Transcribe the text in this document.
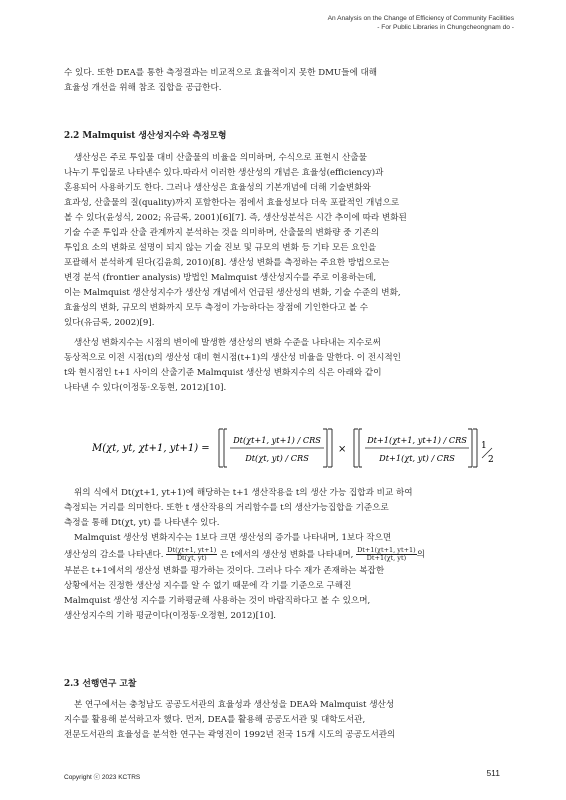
An Analysis on the Change of Efficiency of Community Facilities
- For Public Libraries in Chungcheongnam do -
수 있다. 또한 DEA를 통한 측정결과는 비교적으로 효율적이지 못한 DMU들에 대해
효율성 개선을 위해 참조 집합을 공급한다.
2.2 Malmquist 생산성지수와 측정모형
생산성은 주로 투입물 대비 산출물의 비율을 의미하며, 수식으로 표현시 산출물
나누기 투입물로 나타낸수 있다.따라서 이러한 생산성의 개념은 효율성(efficiency)과
혼용되어 사용하기도 한다. 그러나 생산성은 효율성의 기본개념에 더해 기술변화와
효과성, 산출물의 질(quality)까지 포함한다는 점에서 효율성보다 더욱 포괄적인 개념으로
볼 수 있다(윤성식, 2002; 유금록, 2001)[6][7]. 즉, 생산성분석은 시간 추이에 따라 변화된
기술 수준 투입과 산출 관계까지 분석하는 것을 의미하며, 산출물의 변화량 중 기존의
투입요 소의 변화로 설명이 되지 않는 기술 진보 및 규모의 변화 등 기타 모든 요인을
포괄해서 분석하게 된다(김윤희, 2010)[8]. 생산성 변화를 측정하는 주요한 방법으로는
변경 분석 (frontier analysis) 방법인 Malmquist 생산성지수를 주로 이용하는데,
이는 Malmquist 생산성지수가 생산성 개념에서 언급된 생산성의 변화, 기술 수준의 변화,
효율성의 변화, 규모의 변화까지 모두 측정이 가능하다는 장점에 기인한다고 볼 수
있다(유금록, 2002)[9].
생산성 변화지수는 시점의 변이에 발생한 생산성의 변화 수준을 나타내는 지수로써
동상적으로 이전 시점(t)의 생산성 대비 현시점(t+1)의 생산성 비율을 말한다. 이 전시적인
t와 현시점인 t+1 사이의 산출기준 Malmquist 생산성 변화지수의 식은 아래와 같이
나타낸 수 있다(이정동·오동현, 2012)[10].
M(χt, yt, χt+1, yt+1) =
Dt(χt+1, yt+1) / CRS
Dt(χt, yt) / CRS
×
Dt+1(χt+1, yt+1) / CRS
Dt+1(χt, yt) / CRS
1
2
위의 식에서 Dt(χt+1, yt+1)에 해당하는 t+1 생산작용을 t의 생산 가능 집합과 비교 하여
측정되는 거리를 의미한다. 또한 t 생산작용의 거리함수를 t의 생산가능집합을 기준으로
측정을 통해 Dt(χt, yt) 를 나타낸수 있다.
Malmquist 생산성 변화지수는 1보다 크면 생산성의 증가를 나타내며, 1보다 작으면
생산성의 감소를 나타낸다. $\frac{Dt(\chi t+1, yt+1)}{Dt(\chi t, yt)}$ 은 t에서의 생산성 변화를 나타내며, $\frac{Dt+1(\chi t+1, yt+1)}{Dt+1(\chi t, yt)}$ 의
부분은 t+1에서의 생산성 변화를 평가하는 것이다. 그러나 다수 재가 존재하는 복잡한
상황에서는 진정한 생산성 지수를 알 수 없기 때문에 각 기를 기준으로 구해진
Malmquist 생산성 지수를 기하평균해 사용하는 것이 바람직하다고 볼 수 있으며,
생산성지수의 기하 평균이다(이정동·오정현, 2012)[10].
2.3 선행연구 고찰
본 연구에서는 충청남도 공공도서관의 효율성과 생산성을 DEA와 Malmquist 생산성
지수를 활용해 분석하고자 했다. 먼저, DEA를 활용해 공공도서관 및 대학도서관,
전문도서관의 효율성을 분석한 연구는 곽영진이 1992년 전국 15개 시도의 공공도서관의
Copyright ⓒ 2023 KCTRS	511
